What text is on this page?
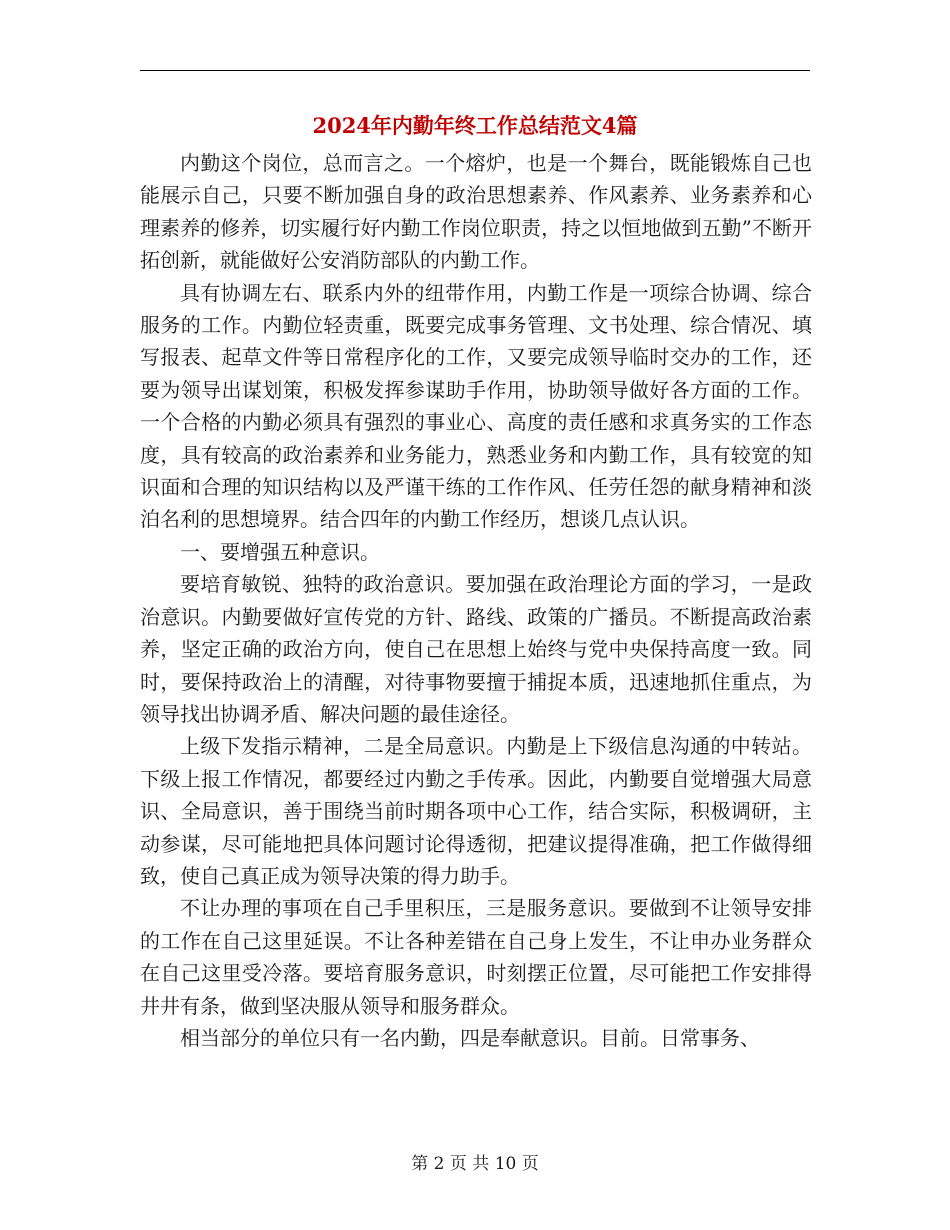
2024年内勤年终工作总结范文4篇

内勤这个岗位，总而言之。一个熔炉，也是一个舞台，既能锻炼自己也能展示自己，只要不断加强自身的政治思想素养、作风素养、业务素养和心理素养的修养，切实履行好内勤工作岗位职责，持之以恒地做到五勤”不断开拓创新，就能做好公安消防部队的内勤工作。

具有协调左右、联系内外的纽带作用，内勤工作是一项综合协调、综合服务的工作。内勤位轻责重，既要完成事务管理、文书处理、综合情况、填写报表、起草文件等日常程序化的工作，又要完成领导临时交办的工作，还要为领导出谋划策，积极发挥参谋助手作用，协助领导做好各方面的工作。一个合格的内勤必须具有强烈的事业心、高度的责任感和求真务实的工作态度，具有较高的政治素养和业务能力，熟悉业务和内勤工作，具有较宽的知识面和合理的知识结构以及严谨干练的工作作风、任劳任怨的献身精神和淡泊名利的思想境界。结合四年的内勤工作经历，想谈几点认识。

一、要增强五种意识。

要培育敏锐、独特的政治意识。要加强在政治理论方面的学习，一是政治意识。内勤要做好宣传党的方针、路线、政策的广播员。不断提高政治素养，坚定正确的政治方向，使自己在思想上始终与党中央保持高度一致。同时，要保持政治上的清醒，对待事物要擅于捕捉本质，迅速地抓住重点，为领导找出协调矛盾、解决问题的最佳途径。

上级下发指示精神，二是全局意识。内勤是上下级信息沟通的中转站。下级上报工作情况，都要经过内勤之手传承。因此，内勤要自觉增强大局意识、全局意识，善于围绕当前时期各项中心工作，结合实际，积极调研，主动参谋，尽可能地把具体问题讨论得透彻，把建议提得准确，把工作做得细致，使自己真正成为领导决策的得力助手。

不让办理的事项在自己手里积压，三是服务意识。要做到不让领导安排的工作在自己这里延误。不让各种差错在自己身上发生，不让申办业务群众在自己这里受冷落。要培育服务意识，时刻摆正位置，尽可能把工作安排得井井有条，做到坚决服从领导和服务群众。

相当部分的单位只有一名内勤，四是奉献意识。目前。日常事务、

第 2 页 共 10 页
